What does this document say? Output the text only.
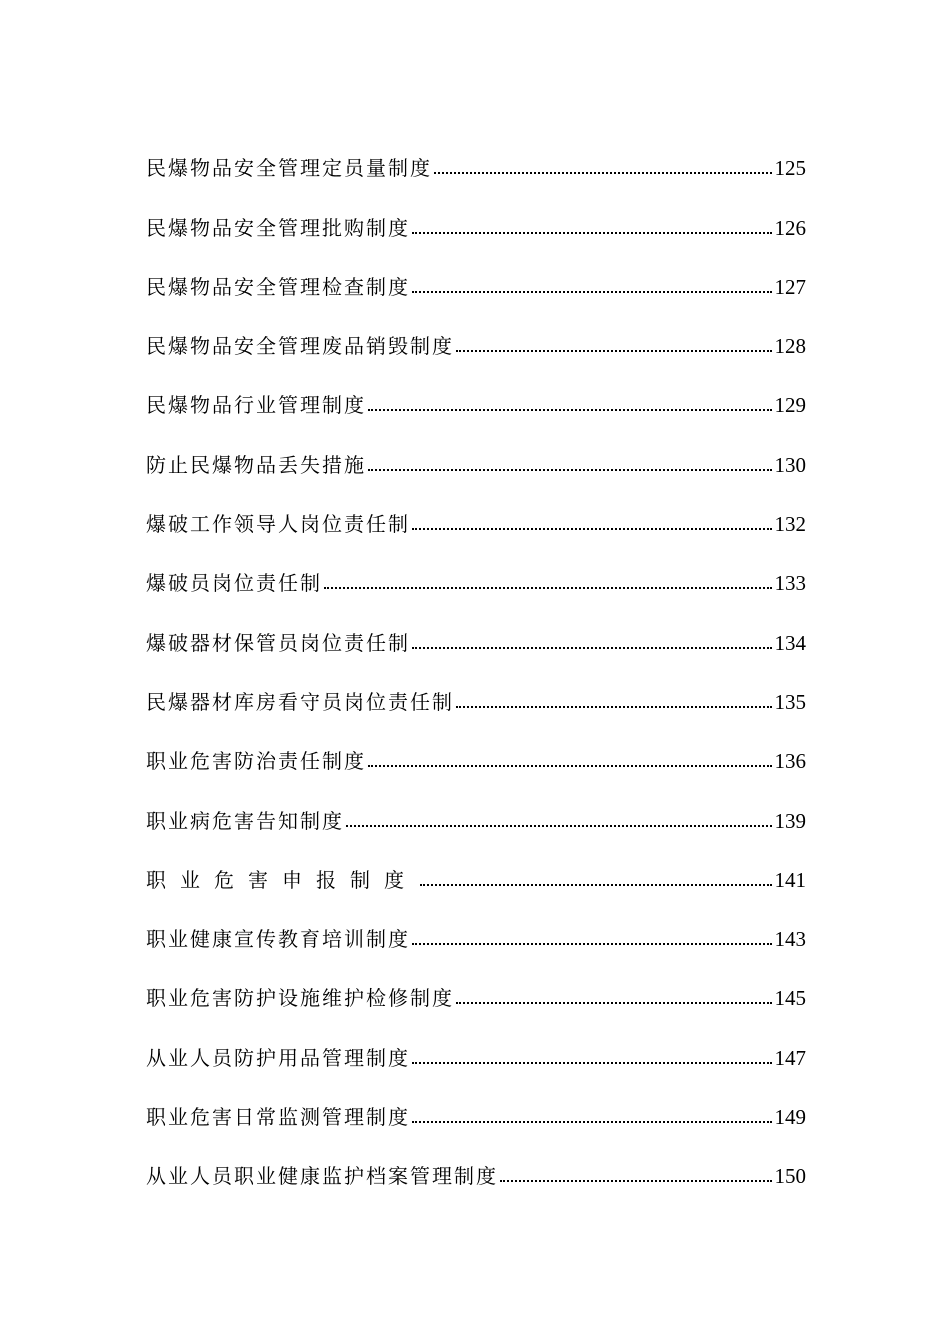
民爆物品安全管理定员量制度	125
民爆物品安全管理批购制度	126
民爆物品安全管理检查制度	127
民爆物品安全管理废品销毁制度	128
民爆物品行业管理制度	129
防止民爆物品丢失措施	130
爆破工作领导人岗位责任制	132
爆破员岗位责任制	133
爆破器材保管员岗位责任制	134
民爆器材库房看守员岗位责任制	135
职业危害防治责任制度	136
职业病危害告知制度	139
职业危害申报制度	141
职业健康宣传教育培训制度	143
职业危害防护设施维护检修制度	145
从业人员防护用品管理制度	147
职业危害日常监测管理制度	149
从业人员职业健康监护档案管理制度	150
